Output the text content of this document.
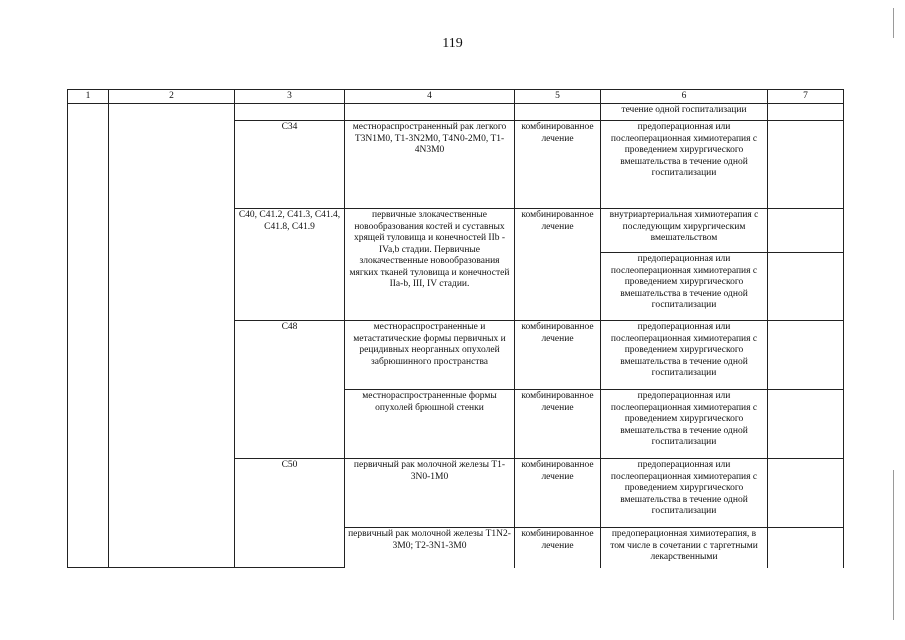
119
1	2	3	4	5	6	7
					течение одной госпитализации	
		C34	местнораспространенный рак легкого T3N1M0, T1-3N2M0, T4N0-2M0, T1-4N3M0	комбинированное лечение	предоперационная или послеоперационная химиотерапия с проведением хирургического вмешательства в течение одной госпитализации	
		C40, C41.2, C41.3, C41.4, C41.8, C41.9	первичные злокачественные новообразования костей и суставных хрящей туловища и конечностей IIb - IVa,b стадии. Первичные злокачественные новообразования мягких тканей туловища и конечностей IIa-b, III, IV стадии.	комбинированное лечение	внутриартериальная химиотерапия с последующим хирургическим вмешательством	
					предоперационная или послеоперационная химиотерапия с проведением хирургического вмешательства в течение одной госпитализации	
		C48	местнораспространенные и метастатические формы первичных и рецидивных неорганных опухолей забрюшинного пространства	комбинированное лечение	предоперационная или послеоперационная химиотерапия с проведением хирургического вмешательства в течение одной госпитализации	
			местнораспространенные формы опухолей брюшной стенки	комбинированное лечение	предоперационная или послеоперационная химиотерапия с проведением хирургического вмешательства в течение одной госпитализации	
		C50	первичный рак молочной железы T1-3N0-1M0	комбинированное лечение	предоперационная или послеоперационная химиотерапия с проведением хирургического вмешательства в течение одной госпитализации	
			первичный рак молочной железы T1N2-3M0; T2-3N1-3M0	комбинированное лечение	предоперационная химиотерапия, в том числе в сочетании с таргетными лекарственными	
